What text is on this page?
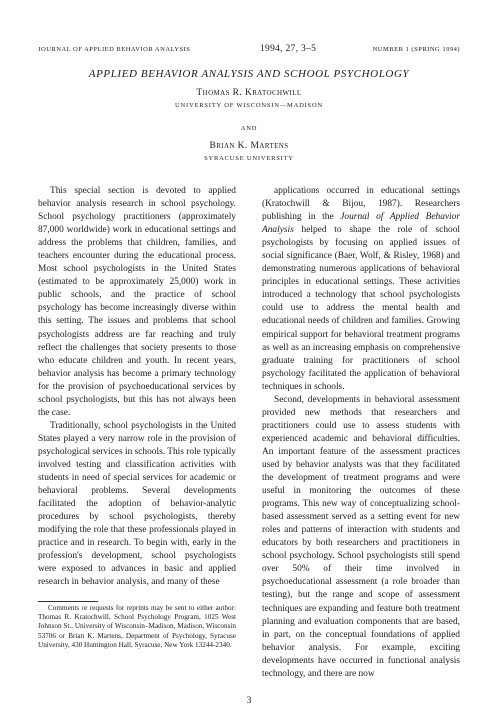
JOURNAL OF APPLIED BEHAVIOR ANALYSIS	1994, 27, 3–5	NUMBER 1 (SPRING 1994)
APPLIED BEHAVIOR ANALYSIS AND SCHOOL PSYCHOLOGY
Thomas R. Kratochwill
UNIVERSITY OF WISCONSIN—MADISON
AND
Brian K. Martens
SYRACUSE UNIVERSITY

This special section is devoted to applied behavior analysis research in school psychology. School psychology practitioners (approximately 87,000 worldwide) work in educational settings and address the problems that children, families, and teachers encounter during the educational process. Most school psychologists in the United States (estimated to be approximately 25,000) work in public schools, and the practice of school psychology has become increasingly diverse within this setting. The issues and problems that school psychologists address are far reaching and truly reflect the challenges that society presents to those who educate children and youth. In recent years, behavior analysis has become a primary technology for the provision of psychoeducational services by school psychologists, but this has not always been the case.

Traditionally, school psychologists in the United States played a very narrow role in the provision of psychological services in schools. This role typically involved testing and classification activities with students in need of special services for academic or behavioral problems. Several developments facilitated the adoption of behavior-analytic procedures by school psychologists, thereby modifying the role that these professionals played in practice and in research. To begin with, early in the profession's development, school psychologists were exposed to advances in basic and applied research in behavior analysis, and many of these

applications occurred in educational settings (Kratochwill & Bijou, 1987). Researchers publishing in the Journal of Applied Behavior Analysis helped to shape the role of school psychologists by focusing on applied issues of social significance (Baer, Wolf, & Risley, 1968) and demonstrating numerous applications of behavioral principles in educational settings. These activities introduced a technology that school psychologists could use to address the mental health and educational needs of children and families. Growing empirical support for behavioral treatment programs as well as an increasing emphasis on comprehensive graduate training for practitioners of school psychology facilitated the application of behavioral techniques in schools.

Second, developments in behavioral assessment provided new methods that researchers and practitioners could use to assess students with experienced academic and behavioral difficulties. An important feature of the assessment practices used by behavior analysts was that they facilitated the development of treatment programs and were useful in monitoring the outcomes of these programs. This new way of conceptualizing school-based assessment served as a setting event for new roles and patterns of interaction with students and educators by both researchers and practitioners in school psychology. School psychologists still spend over 50% of their time involved in psychoeducational assessment (a role broader than testing), but the range and scope of assessment techniques are expanding and feature both treatment planning and evaluation components that are based, in part, on the conceptual foundations of applied behavior analysis. For example, exciting developments have occurred in functional analysis technology, and there are now

Comments or requests for reprints may be sent to either author: Thomas R. Kratochwill, School Psychology Program, 1025 West Johnson St., University of Wisconsin–Madison, Madison, Wisconsin 53706 or Brian K. Martens, Department of Psychology, Syracuse University, 430 Huntington Hall, Syracuse, New York 13244-2340.

3
